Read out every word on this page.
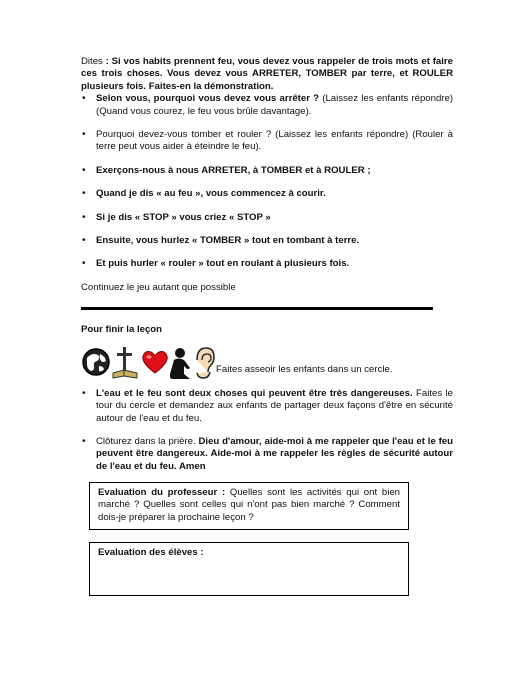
Dites : Si vos habits prennent feu, vous devez vous rappeler de trois mots et faire ces trois choses. Vous devez vous ARRETER, TOMBER par terre, et ROULER plusieurs fois. Faites-en la démonstration.

• Selon vous, pourquoi vous devez vous arrêter ? (Laissez les enfants répondre) (Quand vous courez, le feu vous brûle davantage).
• Pourquoi devez-vous tomber et rouler ? (Laissez les enfants répondre) (Rouler à terre peut vous aider à éteindre le feu).
• Exerçons-nous à nous ARRETER, à TOMBER et à ROULER ;
• Quand je dis « au feu », vous commencez à courir.
• Si je dis « STOP » vous criez « STOP »
• Ensuite, vous hurlez « TOMBER » tout en tombant à terre.
• Et puis hurler « rouler » tout en roulant à plusieurs fois.

Continuez le jeu autant que possible

Pour finir la leçon

Faites asseoir les enfants dans un cercle.
• L'eau et le feu sont deux choses qui peuvent être très dangereuses. Faites le tour du cercle et demandez aux enfants de partager deux façons d'être en sécurité autour de l'eau et du feu.
• Clôturez dans la prière. Dieu d'amour, aide-moi à me rappeler que l'eau et le feu peuvent être dangereux. Aide-moi à me rappeler les règles de sécurité autour de l'eau et du feu. Amen

Evaluation du professeur : Quelles sont les activités qui ont bien marché ? Quelles sont celles qui n'ont pas bien marché ? Comment dois-je préparer la prochaine leçon ?

Evaluation des élèves :
